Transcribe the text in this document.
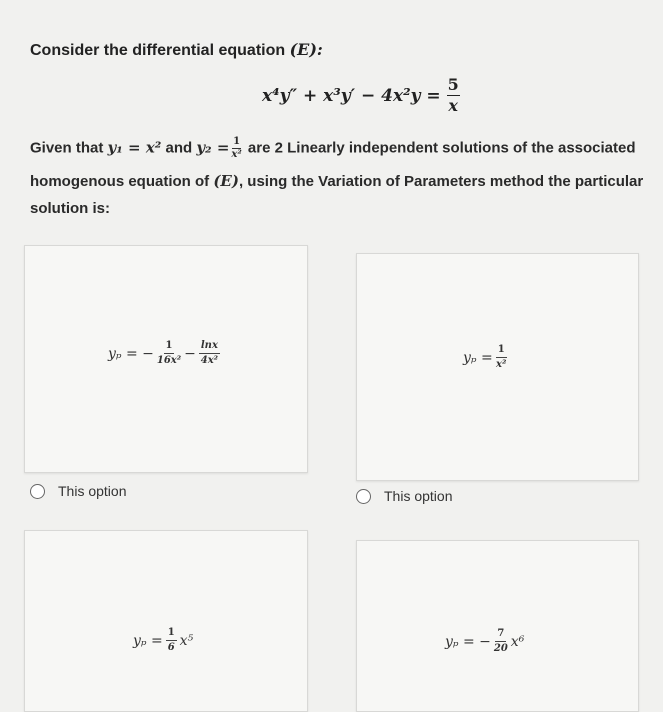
Consider the differential equation (E):
$x^4y'' + x^3y' - 4x^2y = \frac{5}{x}$
Given that y₁ = x² and $y_2 = \frac{1}{\text{x²}}$ are 2 Linearly independent solutions of the associated
homogenous equation of (E), using the Variation of Parameters method the particular
solution is:
yₚ = − $\frac{1}{\text{16x²}} - \frac{\ln x}{\text{4x²}}$
This option
$y_p = \frac{1}{\text{x²}}$
This option
$y_p = \frac{1}{6} x^5$	yₚ = − $\frac{7}{20} x^6$
